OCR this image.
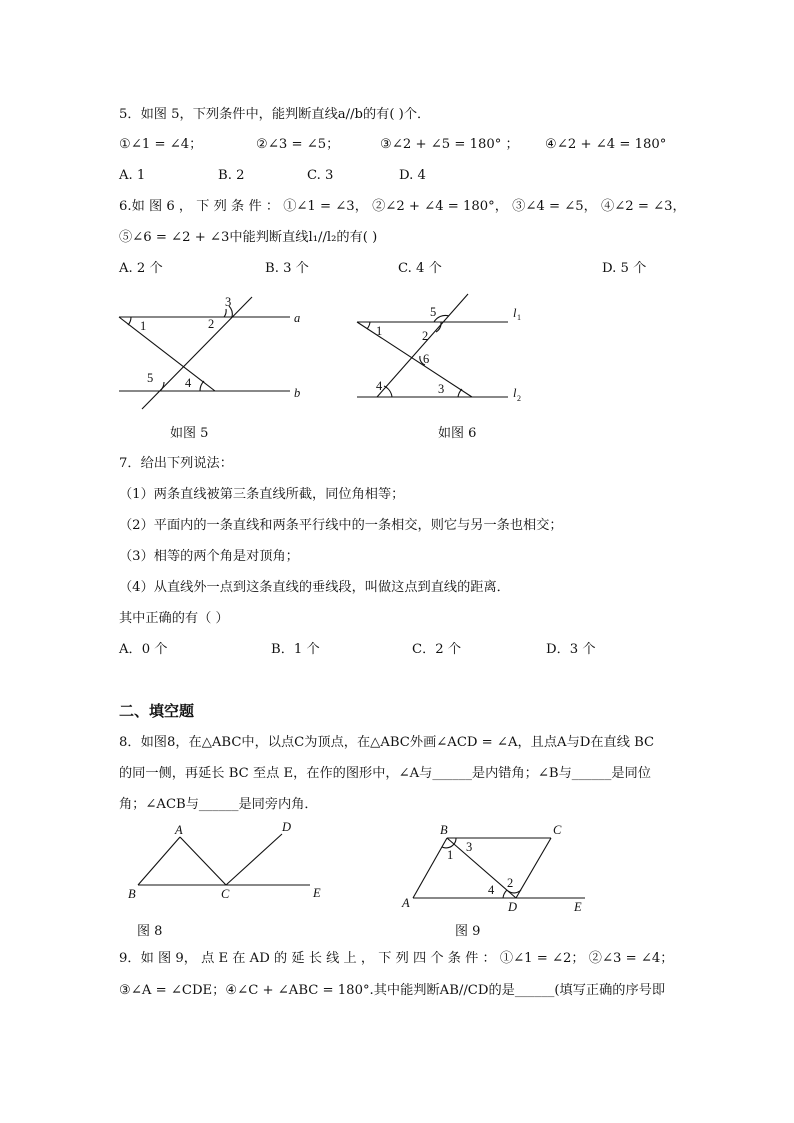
5．如图 5，下列条件中，能判断直线a//b的有( )个．
①∠1 = ∠4；	②∠3 = ∠5；	③∠2 + ∠5 = 180° ； ④∠2 + ∠4 = 180°
A. 1	B. 2	C. 3	D. 4
6.如 图 6 ， 下 列 条 件 ： ①∠1 = ∠3， ②∠2 + ∠4 = 180°， ③∠4 = ∠5， ④∠2 = ∠3，
⑤∠6 = ∠2 + ∠3中能判断直线l₁//l₂的有( )
A. 2 个	B. 3 个	C. 4 个	D. 5 个
a
b
1	2
3
4
5
如图 5
l 1
l 2
1	2
3
4
5
6
如图 6
7．给出下列说法：
（1）两条直线被第三条直线所截，同位角相等；
（2）平面内的一条直线和两条平行线中的一条相交，则它与另一条也相交；
（3）相等的两个角是对顶角；
（4）从直线外一点到这条直线的垂线段，叫做这点到直线的距离．
其中正确的有（ ）
A．0 个	B．1 个	C．2 个	D．3 个
二、填空题
8．如图8，在△ABC中，以点C为顶点，在△ABC外画∠ACD = ∠A，且点A与D在直线 BC
的同一侧，再延长 BC 至点 E，在作的图形中，∠A与______是内错角；∠B与______是同位
角；∠ACB与______是同旁内角．
A
B	C
D
E
图 8
B	C
A	D	E
1
2
3
4
图 9
9．如 图 9， 点 E 在 AD 的 延 长 线 上 ， 下 列 四 个 条 件 ： ①∠1 = ∠2； ②∠3 = ∠4；
③∠A = ∠CDE；④∠C + ∠ABC = 180°.其中能判断AB//CD的是______(填写正确的序号即
